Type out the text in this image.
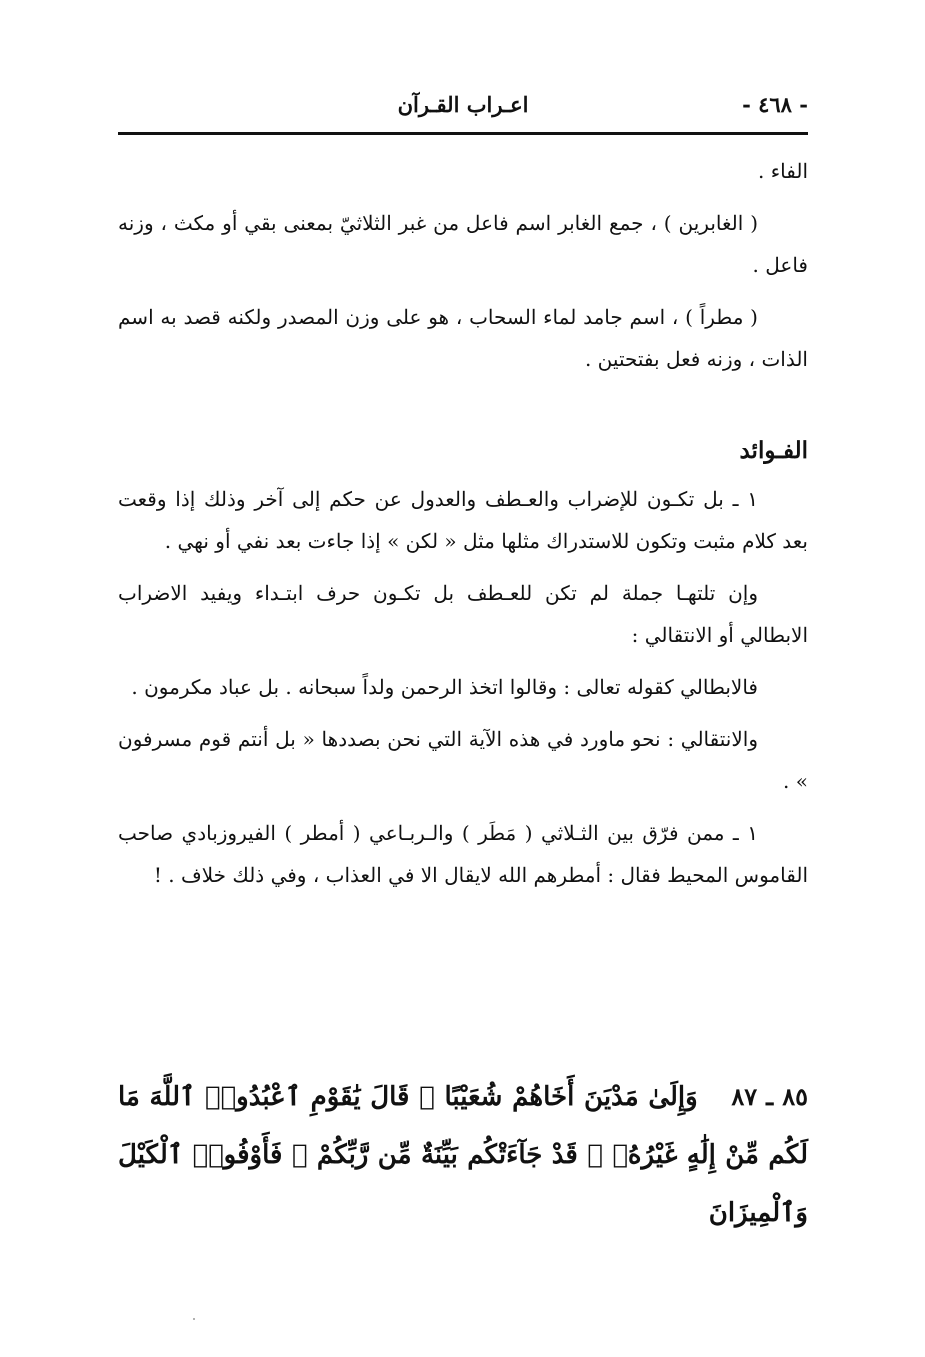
- ٤٦٨ -
اعـراب القـرآن

الفاء .

( الغابرين ) ، جمع الغابر اسم فاعل من غبر الثلاثيّ بمعنى بقي أو مكث ، وزنه فاعل .

( مطراً ) ، اسم جامد لماء السحاب ، هو على وزن المصدر ولكنه قصد به اسم الذات ، وزنه فعل بفتحتين .

الفـوائد

١ ـ بل تكـون للإضراب والعـطف والعدول عن حكم إلى آخر وذلك إذا وقعت بعد كلام مثبت وتكون للاستدراك مثلها مثل « لكن » إذا جاءت بعد نفي أو نهي .

وإن تلتهـا جملة لم تكن للعـطف بل تكـون حرف ابتـداء ويفيد الاضراب الابطالي أو الانتقالي :

فالابطالي كقوله تعالى : وقالوا اتخذ الرحمن ولداً سبحانه . بل عباد مكرمون .

والانتقالي : نحو ماورد في هذه الآية التي نحن بصددها « بل أنتم قوم مسرفون » .

١ ـ ممن فرّق بين الثـلاثي ( مَطَر ) والـربـاعي ( أمطر ) الفيروزبادي صاحب القاموس المحيط فقال : أمطرهم الله لايقال الا في العذاب ، وفي ذلك خلاف . !

٨٥ ـ ٨٧ وَإِلَىٰ مَدْيَنَ أَخَاهُمْ شُعَيْبًا ۗ قَالَ يَٰقَوْمِ ٱعْبُدُوا۟ ٱللَّهَ مَا لَكُم مِّنْ إِلَٰهٍ غَيْرُهُۥ ۖ قَدْ جَآءَتْكُم بَيِّنَةٌ مِّن رَّبِّكُمْ ۖ فَأَوْفُوا۟ ٱلْكَيْلَ وَٱلْمِيزَانَ
